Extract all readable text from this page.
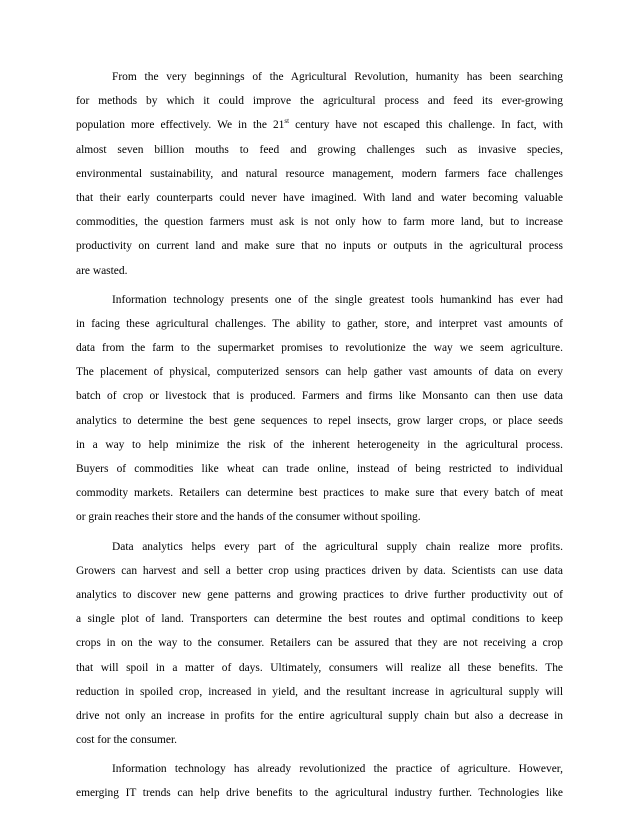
From the very beginnings of the Agricultural Revolution, humanity has been searching
for methods by which it could improve the agricultural process and feed its ever-growing
population more effectively. We in the 21st century have not escaped this challenge. In fact, with
almost seven billion mouths to feed and growing challenges such as invasive species,
environmental sustainability, and natural resource management, modern farmers face challenges
that their early counterparts could never have imagined. With land and water becoming valuable
commodities, the question farmers must ask is not only how to farm more land, but to increase
productivity on current land and make sure that no inputs or outputs in the agricultural process
are wasted.
Information technology presents one of the single greatest tools humankind has ever had
in facing these agricultural challenges. The ability to gather, store, and interpret vast amounts of
data from the farm to the supermarket promises to revolutionize the way we seem agriculture.
The placement of physical, computerized sensors can help gather vast amounts of data on every
batch of crop or livestock that is produced. Farmers and firms like Monsanto can then use data
analytics to determine the best gene sequences to repel insects, grow larger crops, or place seeds
in a way to help minimize the risk of the inherent heterogeneity in the agricultural process.
Buyers of commodities like wheat can trade online, instead of being restricted to individual
commodity markets. Retailers can determine best practices to make sure that every batch of meat
or grain reaches their store and the hands of the consumer without spoiling.
Data analytics helps every part of the agricultural supply chain realize more profits.
Growers can harvest and sell a better crop using practices driven by data. Scientists can use data
analytics to discover new gene patterns and growing practices to drive further productivity out of
a single plot of land. Transporters can determine the best routes and optimal conditions to keep
crops in on the way to the consumer. Retailers can be assured that they are not receiving a crop
that will spoil in a matter of days. Ultimately, consumers will realize all these benefits. The
reduction in spoiled crop, increased in yield, and the resultant increase in agricultural supply will
drive not only an increase in profits for the entire agricultural supply chain but also a decrease in
cost for the consumer.
Information technology has already revolutionized the practice of agriculture. However,
emerging IT trends can help drive benefits to the agricultural industry further. Technologies like
